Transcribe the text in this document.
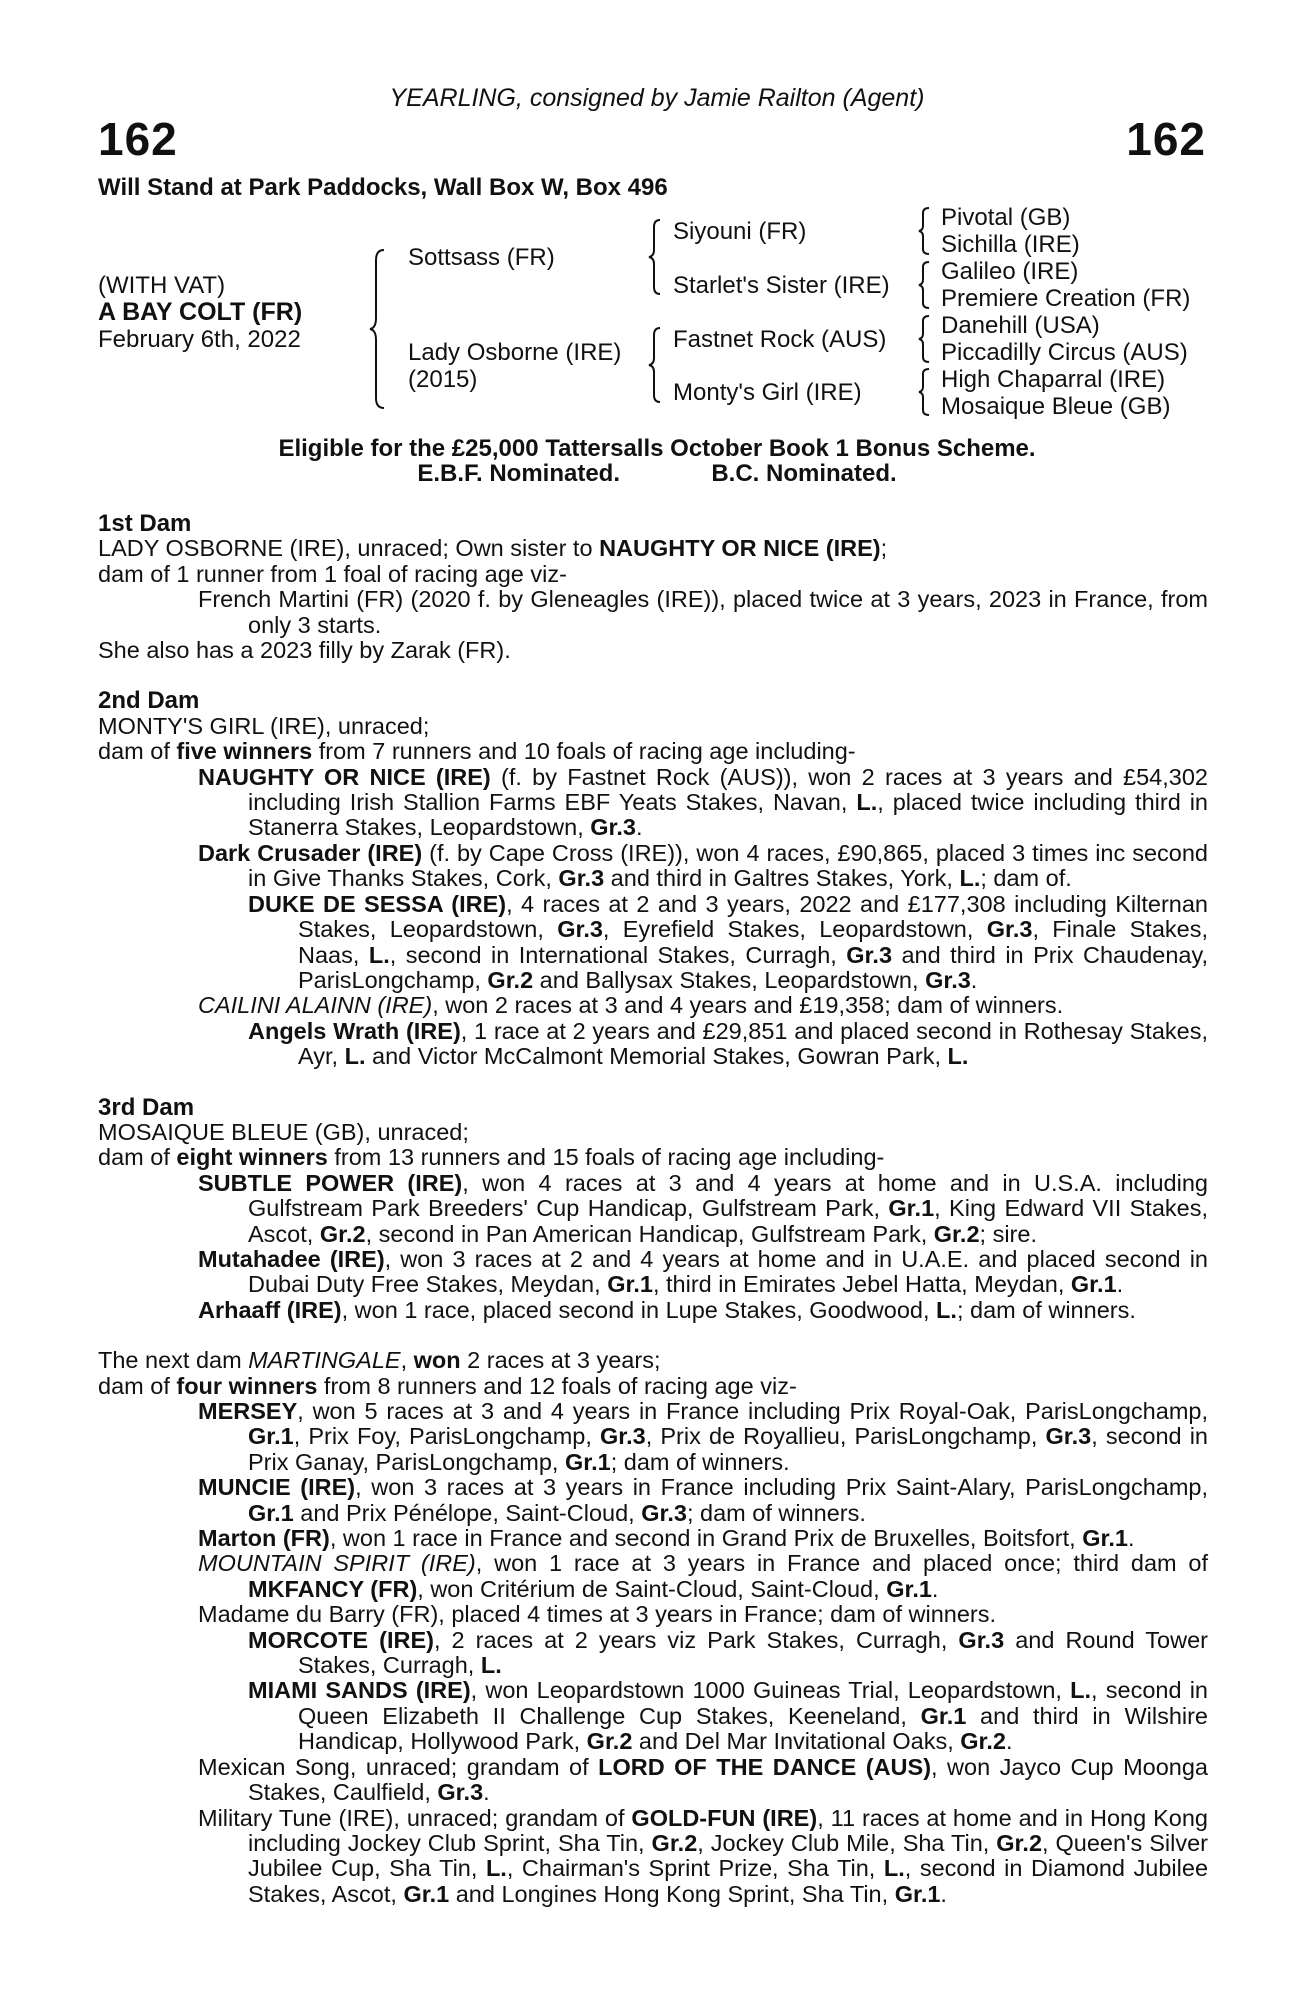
YEARLING, consigned by Jamie Railton (Agent)
162	162
Will Stand at Park Paddocks, Wall Box W, Box 496
(WITH VAT)
A BAY COLT (FR)
February 6th, 2022
Sottsass (FR)
Lady Osborne (IRE)
(2015)
Siyouni (FR)
Starlet's Sister (IRE)
Fastnet Rock (AUS)
Monty's Girl (IRE)
Pivotal (GB)
Sichilla (IRE)
Galileo (IRE)
Premiere Creation (FR)
Danehill (USA)
Piccadilly Circus (AUS)
High Chaparral (IRE)
Mosaique Bleue (GB)
Eligible for the £25,000 Tattersalls October Book 1 Bonus Scheme.
E.B.F. Nominated.	B.C. Nominated.

1st Dam

LADY OSBORNE (IRE), unraced; Own sister to NAUGHTY OR NICE (IRE);

dam of 1 runner from 1 foal of racing age viz-

French Martini (FR) (2020 f. by Gleneagles (IRE)), placed twice at 3 years, 2023 in France, from only 3 starts.

She also has a 2023 filly by Zarak (FR).

2nd Dam

MONTY'S GIRL (IRE), unraced;

dam of five winners from 7 runners and 10 foals of racing age including-

NAUGHTY OR NICE (IRE) (f. by Fastnet Rock (AUS)), won 2 races at 3 years and £54,302 including Irish Stallion Farms EBF Yeats Stakes, Navan, L., placed twice including third in Stanerra Stakes, Leopardstown, Gr.3.

Dark Crusader (IRE) (f. by Cape Cross (IRE)), won 4 races, £90,865, placed 3 times inc second in Give Thanks Stakes, Cork, Gr.3 and third in Galtres Stakes, York, L.; dam of.

DUKE DE SESSA (IRE), 4 races at 2 and 3 years, 2022 and £177,308 including Kilternan Stakes, Leopardstown, Gr.3, Eyrefield Stakes, Leopardstown, Gr.3, Finale Stakes, Naas, L., second in International Stakes, Curragh, Gr.3 and third in Prix Chaudenay, ParisLongchamp, Gr.2 and Ballysax Stakes, Leopardstown, Gr.3.

CAILINI ALAINN (IRE), won 2 races at 3 and 4 years and £19,358; dam of winners.

Angels Wrath (IRE), 1 race at 2 years and £29,851 and placed second in Rothesay Stakes, Ayr, L. and Victor McCalmont Memorial Stakes, Gowran Park, L.

3rd Dam

MOSAIQUE BLEUE (GB), unraced;

dam of eight winners from 13 runners and 15 foals of racing age including-

SUBTLE POWER (IRE), won 4 races at 3 and 4 years at home and in U.S.A. including Gulfstream Park Breeders' Cup Handicap, Gulfstream Park, Gr.1, King Edward VII Stakes, Ascot, Gr.2, second in Pan American Handicap, Gulfstream Park, Gr.2; sire.

Mutahadee (IRE), won 3 races at 2 and 4 years at home and in U.A.E. and placed second in Dubai Duty Free Stakes, Meydan, Gr.1, third in Emirates Jebel Hatta, Meydan, Gr.1.

Arhaaff (IRE), won 1 race, placed second in Lupe Stakes, Goodwood, L.; dam of winners.

The next dam MARTINGALE, won 2 races at 3 years;

dam of four winners from 8 runners and 12 foals of racing age viz-

MERSEY, won 5 races at 3 and 4 years in France including Prix Royal-Oak, ParisLongchamp, Gr.1, Prix Foy, ParisLongchamp, Gr.3, Prix de Royallieu, ParisLongchamp, Gr.3, second in Prix Ganay, ParisLongchamp, Gr.1; dam of winners.

MUNCIE (IRE), won 3 races at 3 years in France including Prix Saint-Alary, ParisLongchamp, Gr.1 and Prix Pénélope, Saint-Cloud, Gr.3; dam of winners.

Marton (FR), won 1 race in France and second in Grand Prix de Bruxelles, Boitsfort, Gr.1.

MOUNTAIN SPIRIT (IRE), won 1 race at 3 years in France and placed once; third dam of MKFANCY (FR), won Critérium de Saint-Cloud, Saint-Cloud, Gr.1.

Madame du Barry (FR), placed 4 times at 3 years in France; dam of winners.

MORCOTE (IRE), 2 races at 2 years viz Park Stakes, Curragh, Gr.3 and Round Tower Stakes, Curragh, L.

MIAMI SANDS (IRE), won Leopardstown 1000 Guineas Trial, Leopardstown, L., second in Queen Elizabeth II Challenge Cup Stakes, Keeneland, Gr.1 and third in Wilshire Handicap, Hollywood Park, Gr.2 and Del Mar Invitational Oaks, Gr.2.

Mexican Song, unraced; grandam of LORD OF THE DANCE (AUS), won Jayco Cup Moonga Stakes, Caulfield, Gr.3.

Military Tune (IRE), unraced; grandam of GOLD-FUN (IRE), 11 races at home and in Hong Kong including Jockey Club Sprint, Sha Tin, Gr.2, Jockey Club Mile, Sha Tin, Gr.2, Queen's Silver Jubilee Cup, Sha Tin, L., Chairman's Sprint Prize, Sha Tin, L., second in Diamond Jubilee Stakes, Ascot, Gr.1 and Longines Hong Kong Sprint, Sha Tin, Gr.1.
